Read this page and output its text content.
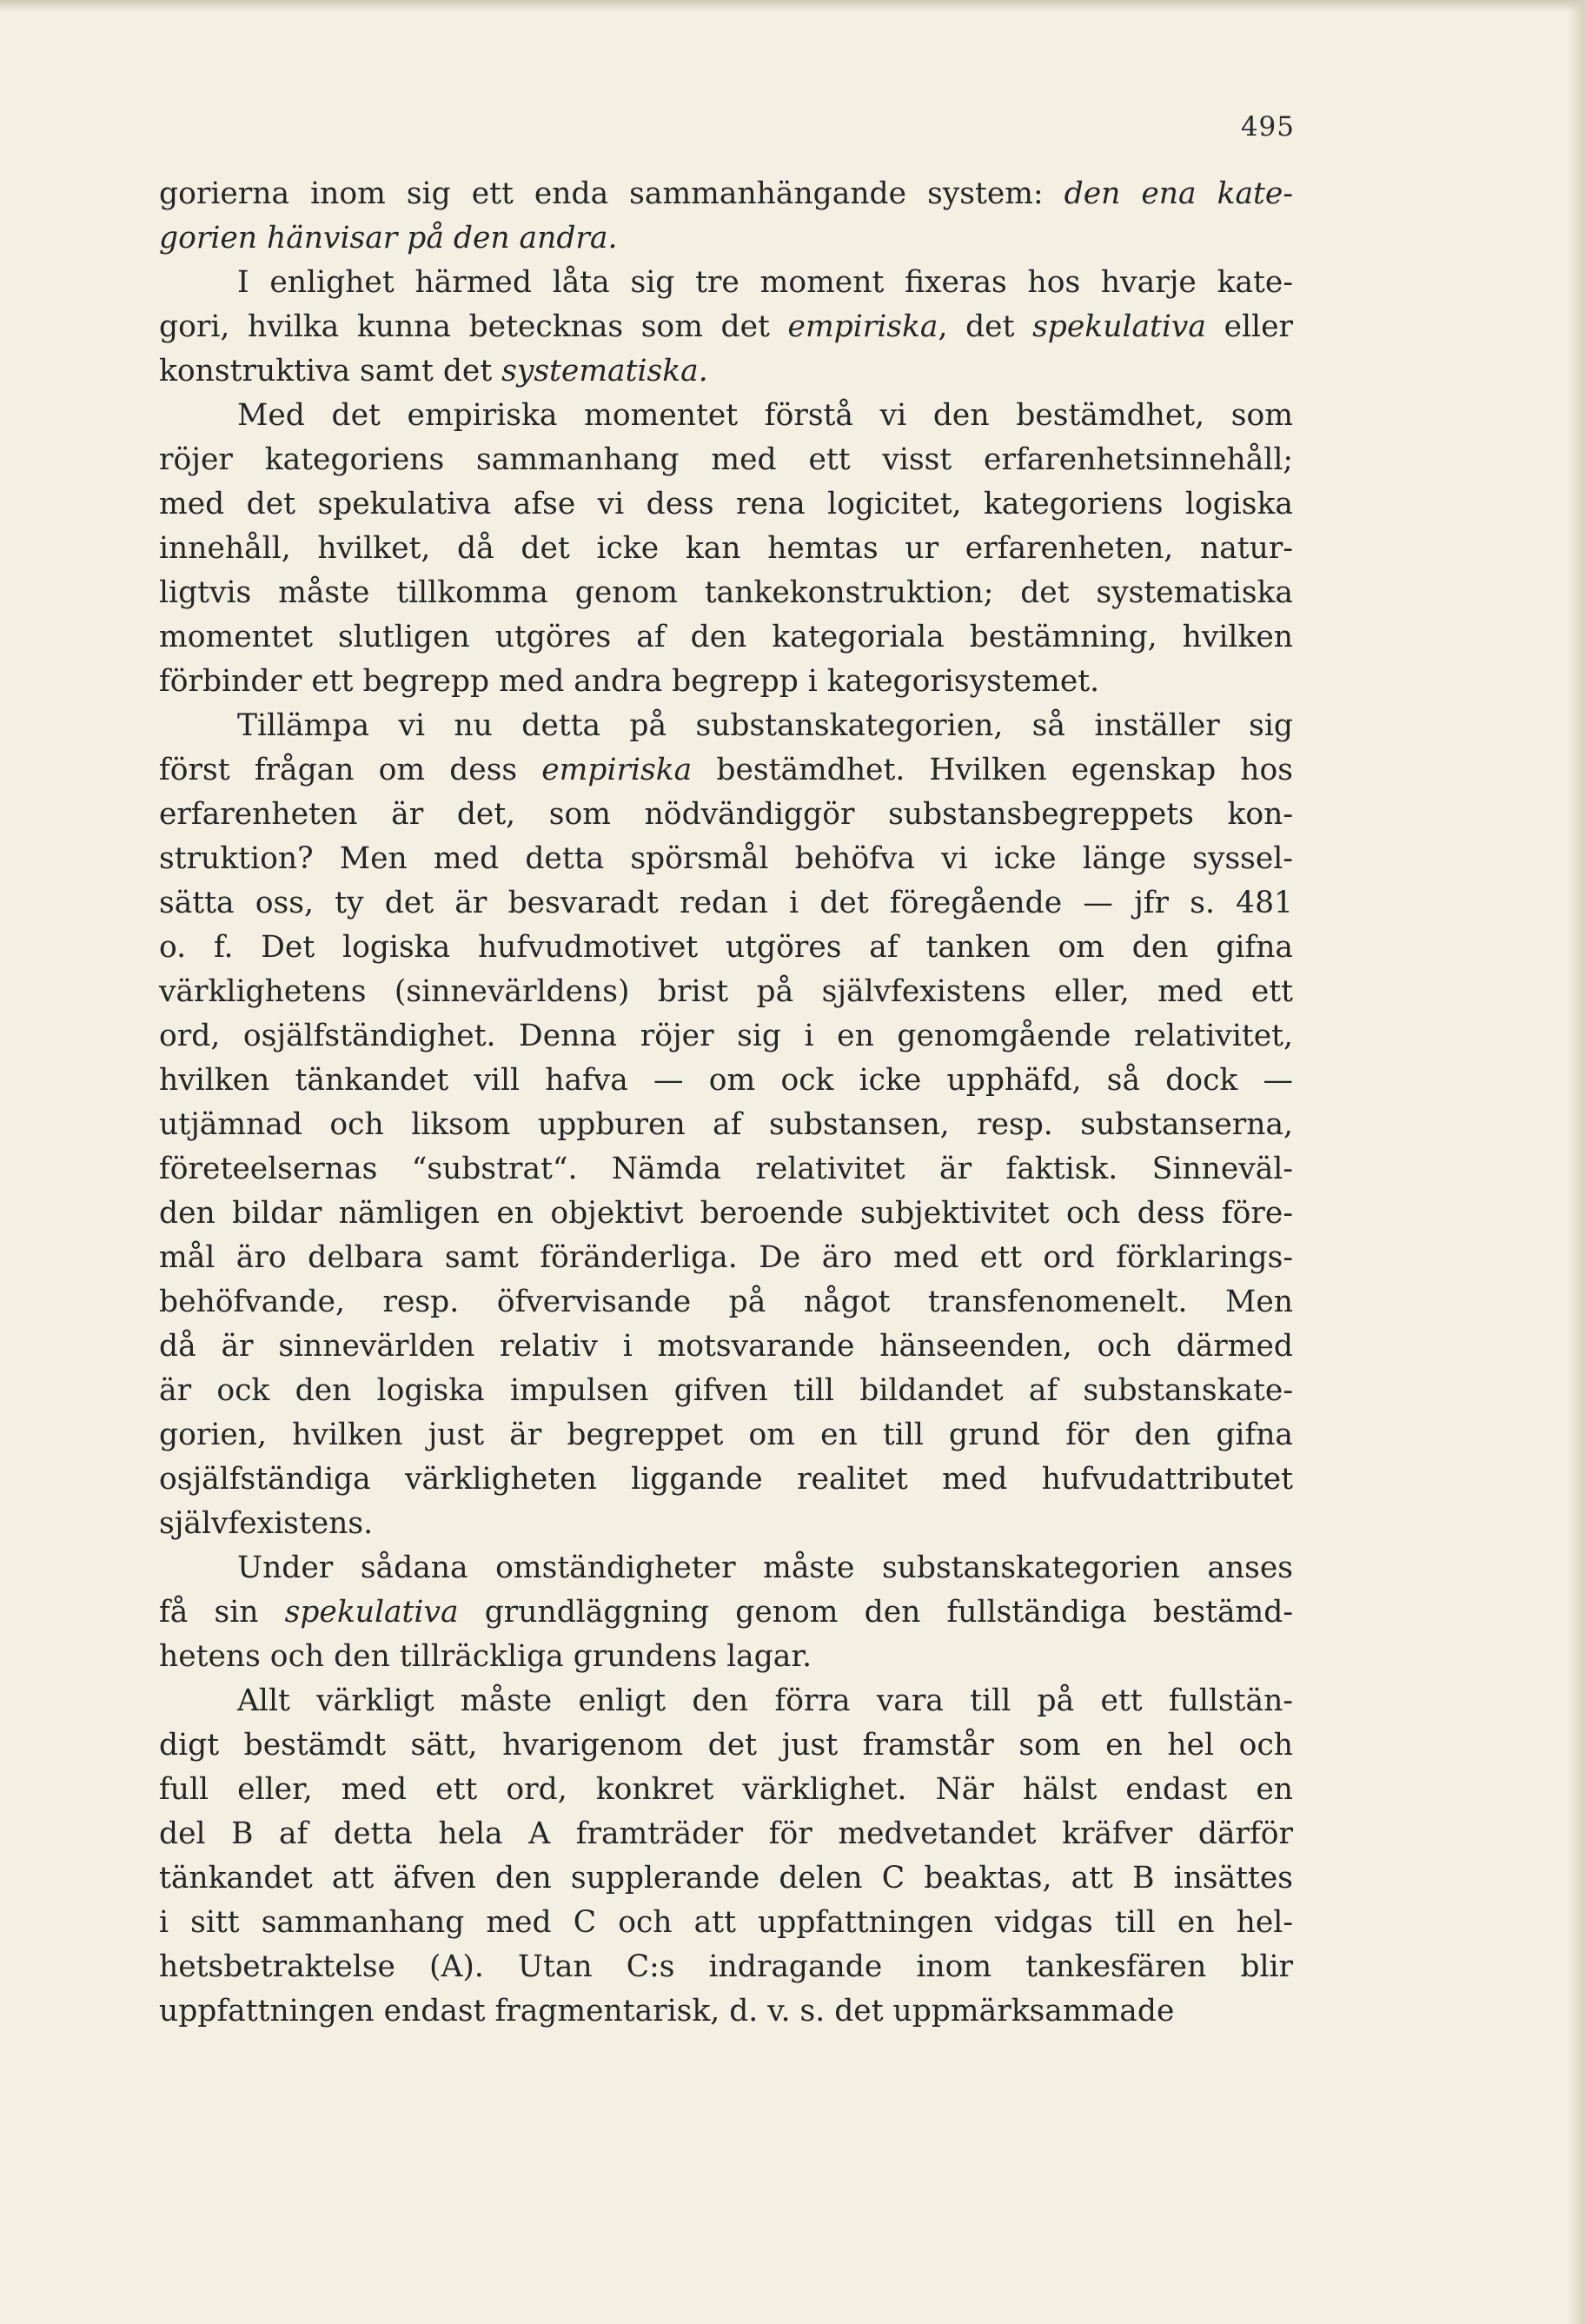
495
gorierna inom sig ett enda sammanhängande system: den ena kate-
gorien hänvisar på den andra.
I enlighet härmed låta sig tre moment fixeras hos hvarje kate-
gori, hvilka kunna betecknas som det empiriska, det spekulativa eller
konstruktiva samt det systematiska.
Med det empiriska momentet förstå vi den bestämdhet, som
röjer kategoriens sammanhang med ett visst erfarenhetsinnehåll;
med det spekulativa afse vi dess rena logicitet, kategoriens logiska
innehåll, hvilket, då det icke kan hemtas ur erfarenheten, natur-
ligtvis måste tillkomma genom tankekonstruktion; det systematiska
momentet slutligen utgöres af den kategoriala bestämning, hvilken
förbinder ett begrepp med andra begrepp i kategorisystemet.
Tillämpa vi nu detta på substanskategorien, så inställer sig
först frågan om dess empiriska bestämdhet. Hvilken egenskap hos
erfarenheten är det, som nödvändiggör substansbegreppets kon-
struktion? Men med detta spörsmål behöfva vi icke länge syssel-
sätta oss, ty det är besvaradt redan i det föregående — jfr s. 481
o. f. Det logiska hufvudmotivet utgöres af tanken om den gifna
värklighetens (sinnevärldens) brist på självfexistens eller, med ett
ord, osjälfständighet. Denna röjer sig i en genomgående relativitet,
hvilken tänkandet vill hafva — om ock icke upphäfd, så dock —
utjämnad och liksom uppburen af substansen, resp. substanserna,
företeelsernas “substrat“. Nämda relativitet är faktisk. Sinneväl-
den bildar nämligen en objektivt beroende subjektivitet och dess före-
mål äro delbara samt föränderliga. De äro med ett ord förklarings-
behöfvande, resp. öfvervisande på något transfenomenelt. Men
då är sinnevärlden relativ i motsvarande hänseenden, och därmed
är ock den logiska impulsen gifven till bildandet af substanskate-
gorien, hvilken just är begreppet om en till grund för den gifna
osjälfständiga värkligheten liggande realitet med hufvudattributet
självfexistens.
Under sådana omständigheter måste substanskategorien anses
få sin spekulativa grundläggning genom den fullständiga bestämd-
hetens och den tillräckliga grundens lagar.
Allt värkligt måste enligt den förra vara till på ett fullstän-
digt bestämdt sätt, hvarigenom det just framstår som en hel och
full eller, med ett ord, konkret värklighet. När hälst endast en
del B af detta hela A framträder för medvetandet kräfver därför
tänkandet att äfven den supplerande delen C beaktas, att B insättes
i sitt sammanhang med C och att uppfattningen vidgas till en hel-
hetsbetraktelse (A). Utan C:s indragande inom tankesfären blir
uppfattningen endast fragmentarisk, d. v. s. det uppmärksammade
